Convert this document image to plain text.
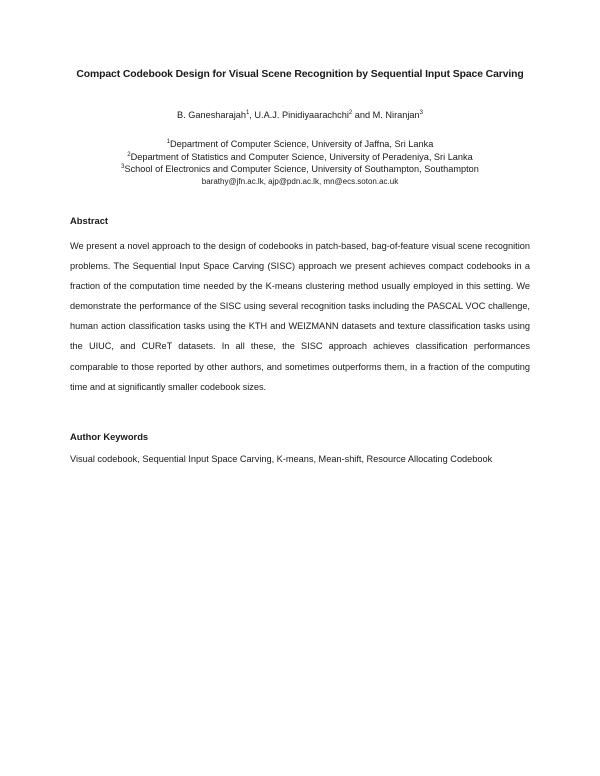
Compact Codebook Design for Visual Scene Recognition by Sequential Input Space Carving
B. Ganesharajah$^1$, U.A.J. Pinidiyaarachchi$^2$ and M. Niranjan$^3$
$^1$Department of Computer Science, University of Jaffna, Sri Lanka
$^2$Department of Statistics and Computer Science, University of Peradeniya, Sri Lanka
$^3$School of Electronics and Computer Science, University of Southampton, Southampton
barathy@jfn.ac.lk, ajp@pdn.ac.lk, mn@ecs.soton.ac.uk
Abstract
We present a novel approach to the design of codebooks in patch-based, bag-of-feature visual scene recognition problems. The Sequential Input Space Carving (SISC) approach we present achieves compact codebooks in a fraction of the computation time needed by the K-means clustering method usually employed in this setting. We demonstrate the performance of the SISC using several recognition tasks including the PASCAL VOC challenge, human action classification tasks using the KTH and WEIZMANN datasets and texture classification tasks using the UIUC, and CUReT datasets. In all these, the SISC approach achieves classification performances comparable to those reported by other authors, and sometimes outperforms them, in a fraction of the computing time and at significantly smaller codebook sizes.
Author Keywords
Visual codebook, Sequential Input Space Carving, K-means, Mean-shift, Resource Allocating Codebook
